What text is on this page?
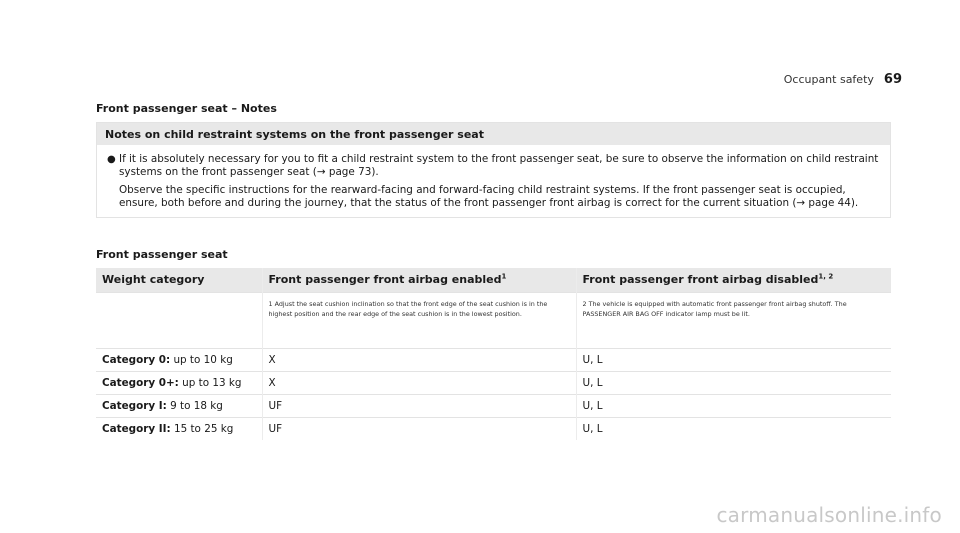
Occupant safety 69
Front passenger seat – Notes
Notes on child restraint systems on the front passenger seat
● If it is absolutely necessary for you to fit a child restraint system to the front passenger seat, be sure to observe the information on child restraint systems on the front passenger seat (→ page 73).

Observe the specific instructions for the rearward-facing and forward-facing child restraint systems. If the front passenger seat is occupied, ensure, both before and during the journey, that the status of the front passenger front airbag is correct for the current situation (→ page 44).

Front passenger seat
Weight category	Front passenger front airbag enabled$^1$	Front passenger front airbag disabled$^{1, 2}$
	1 Adjust the seat cushion inclination so that the front edge of the seat cushion is in the highest position and the rear edge of the seat cushion is in the lowest position.	2 The vehicle is equipped with automatic front passenger front airbag shutoff. The PASSENGER AIR BAG OFF indicator lamp must be lit.
Category 0: up to 10 kg	X	U, L
Category 0+: up to 13 kg	X	U, L
Category I: 9 to 18 kg	UF	U, L
Category II: 15 to 25 kg	UF	U, L
carmanualsonline.info
